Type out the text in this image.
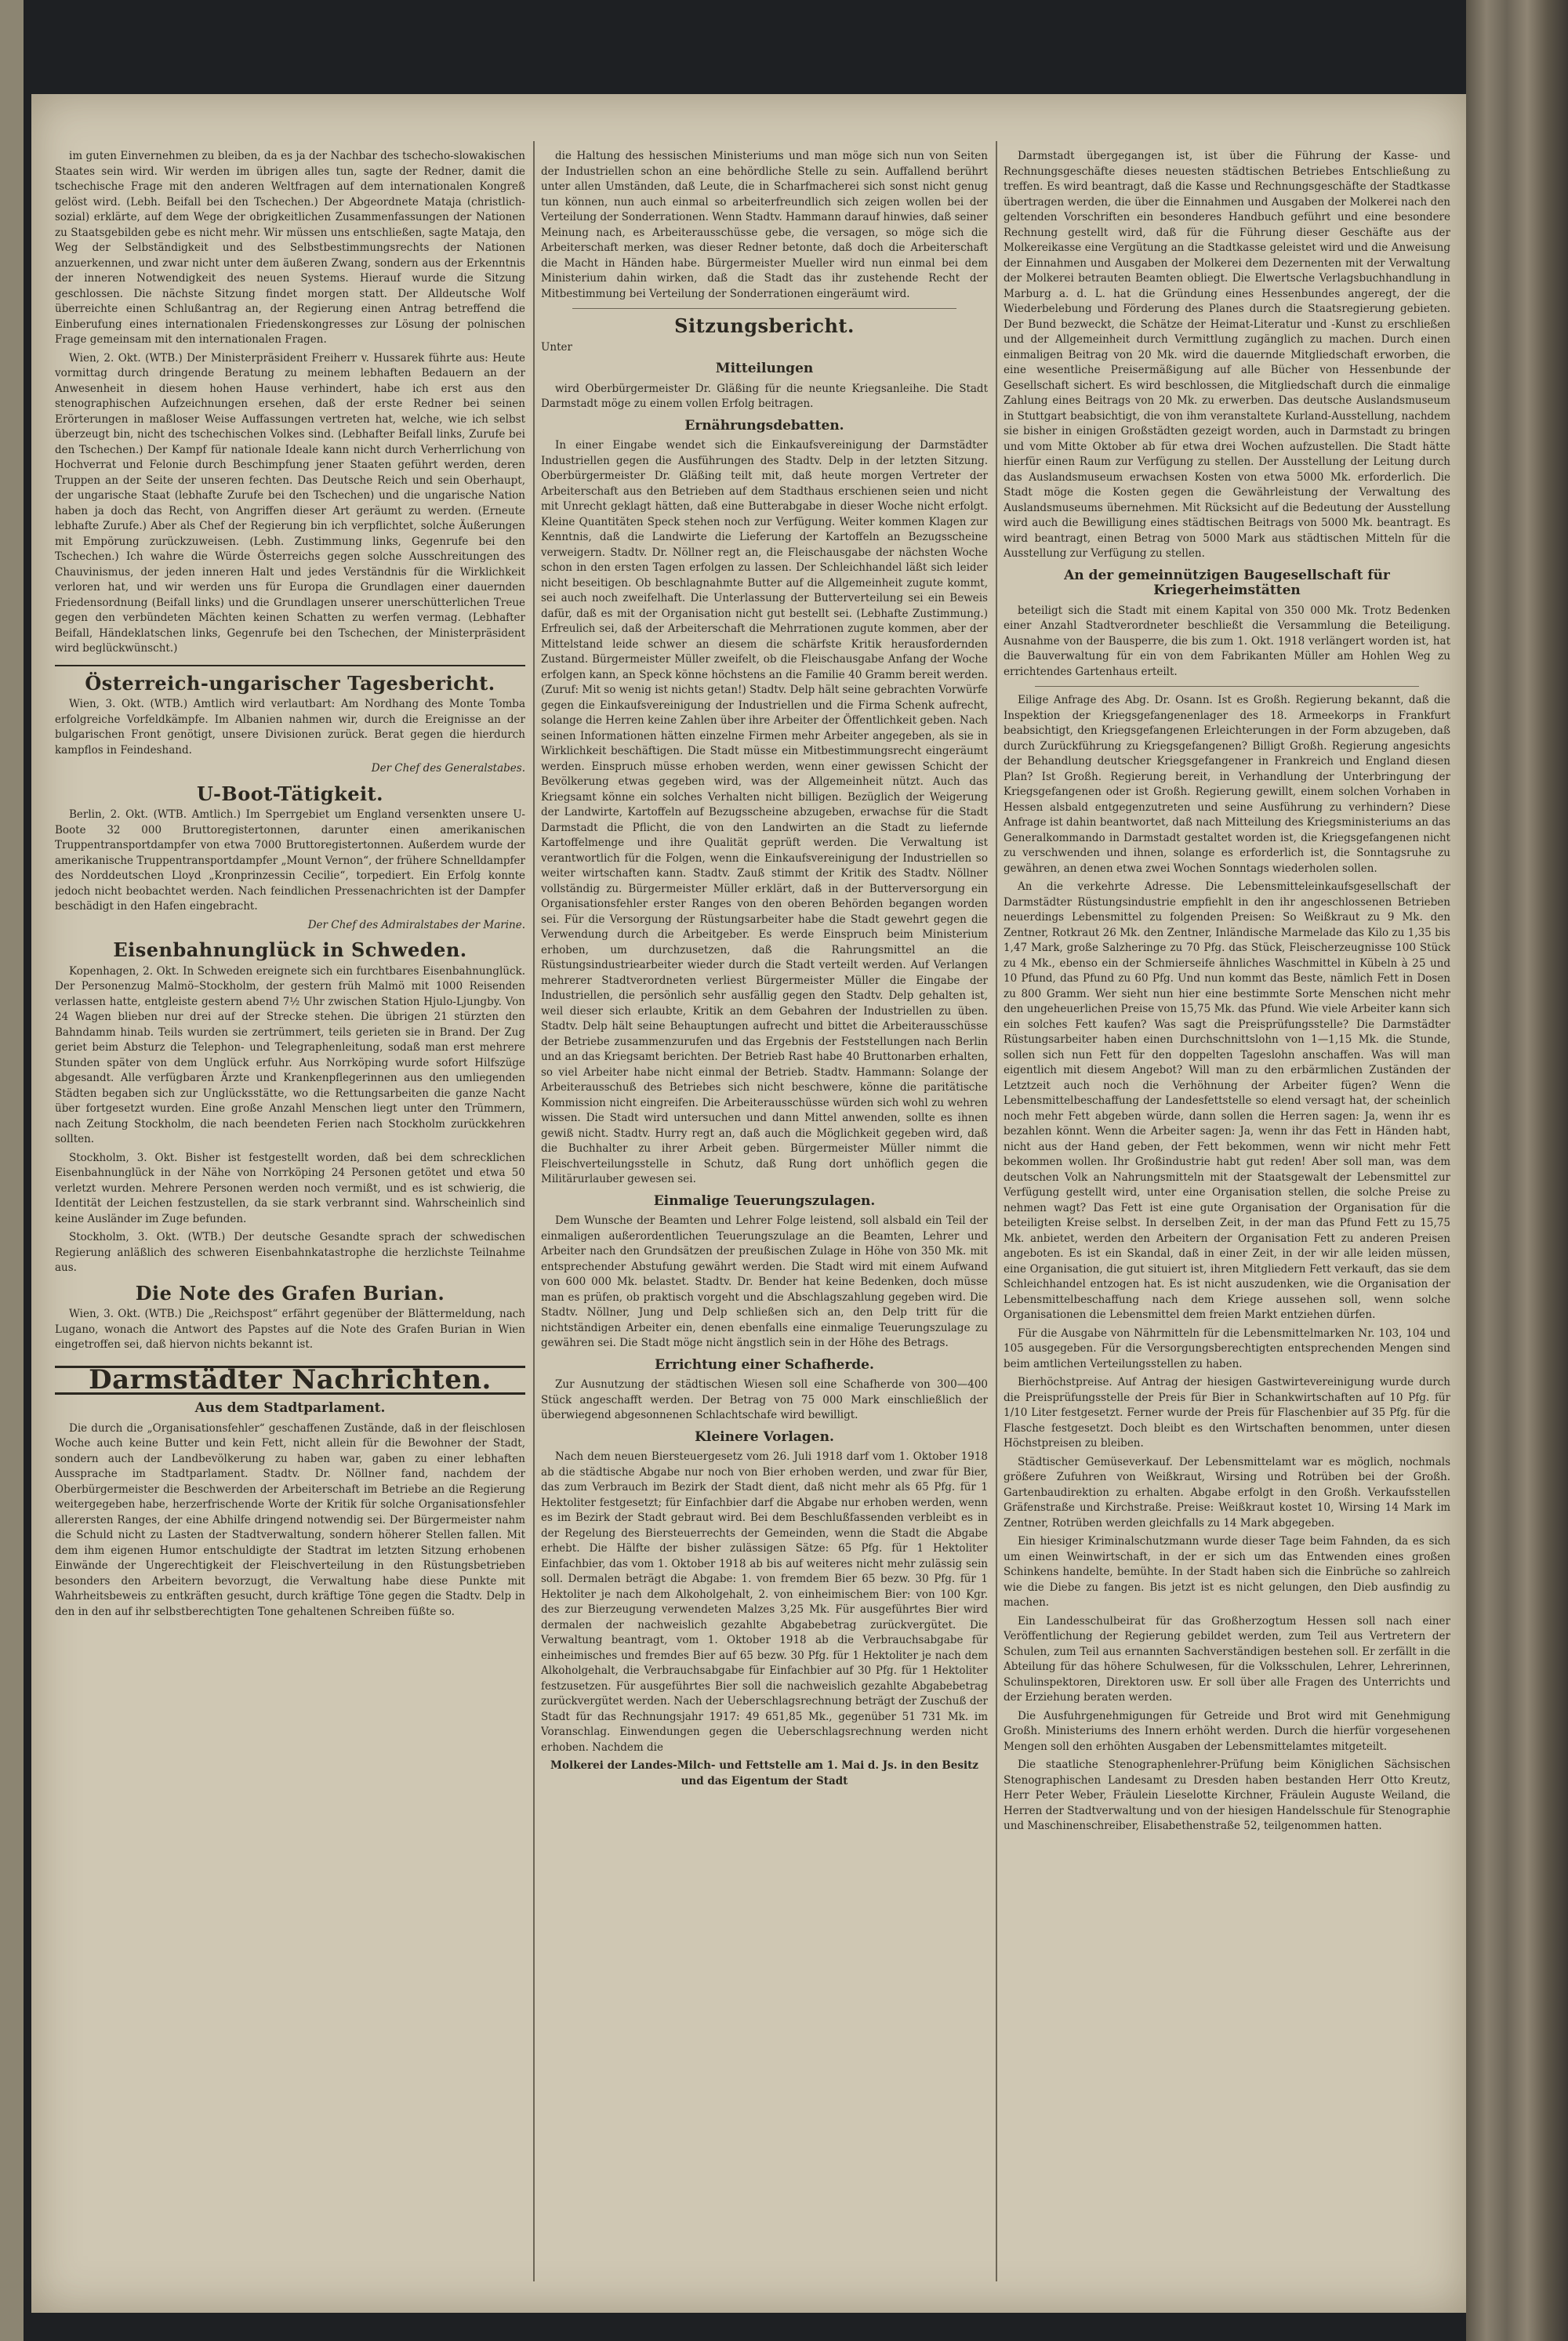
im guten Einvernehmen zu bleiben, da es ja der Nachbar des tschecho-slowakischen Staates sein wird. Wir werden im übrigen alles tun, sagte der Redner, damit die tschechische Frage mit den anderen Weltfragen auf dem internationalen Kongreß gelöst wird. (Lebh. Beifall bei den Tschechen.) Der Abgeordnete Mataja (christlich-sozial) erklärte, auf dem Wege der obrigkeitlichen Zusammenfassungen der Nationen zu Staatsgebilden gebe es nicht mehr. Wir müssen uns entschließen, sagte Mataja, den Weg der Selbständigkeit und des Selbstbestimmungsrechts der Nationen anzuerkennen, und zwar nicht unter dem äußeren Zwang, sondern aus der Erkenntnis der inneren Notwendigkeit des neuen Systems. Hierauf wurde die Sitzung geschlossen. Die nächste Sitzung findet morgen statt. Der Alldeutsche Wolf überreichte einen Schlußantrag an, der Regierung einen Antrag betreffend die Einberufung eines internationalen Friedenskongresses zur Lösung der polnischen Frage gemeinsam mit den internationalen Fragen.

Wien, 2. Okt. (WTB.) Der Ministerpräsident Freiherr v. Hussarek führte aus: Heute vormittag durch dringende Beratung zu meinem lebhaften Bedauern an der Anwesenheit in diesem hohen Hause verhindert, habe ich erst aus den stenographischen Aufzeichnungen ersehen, daß der erste Redner bei seinen Erörterungen in maßloser Weise Auffassungen vertreten hat, welche, wie ich selbst überzeugt bin, nicht des tschechischen Volkes sind. (Lebhafter Beifall links, Zurufe bei den Tschechen.) Der Kampf für nationale Ideale kann nicht durch Verherrlichung von Hochverrat und Felonie durch Beschimpfung jener Staaten geführt werden, deren Truppen an der Seite der unseren fechten. Das Deutsche Reich und sein Oberhaupt, der ungarische Staat (lebhafte Zurufe bei den Tschechen) und die ungarische Nation haben ja doch das Recht, von Angriffen dieser Art geräumt zu werden. (Erneute lebhafte Zurufe.) Aber als Chef der Regierung bin ich verpflichtet, solche Äußerungen mit Empörung zurückzuweisen. (Lebh. Zustimmung links, Gegenrufe bei den Tschechen.) Ich wahre die Würde Österreichs gegen solche Ausschreitungen des Chauvinismus, der jeden inneren Halt und jedes Verständnis für die Wirklichkeit verloren hat, und wir werden uns für Europa die Grundlagen einer dauernden Friedensordnung (Beifall links) und die Grundlagen unserer unerschütterlichen Treue gegen den verbündeten Mächten keinen Schatten zu werfen vermag. (Lebhafter Beifall, Händeklatschen links, Gegenrufe bei den Tschechen, der Ministerpräsident wird beglückwünscht.)

Österreich-ungarischer Tagesbericht.

Wien, 3. Okt. (WTB.) Amtlich wird verlautbart: Am Nordhang des Monte Tomba erfolgreiche Vorfeldkämpfe. Im Albanien nahmen wir, durch die Ereignisse an der bulgarischen Front genötigt, unsere Divisionen zurück. Berat gegen die hierdurch kampflos in Feindeshand.

Der Chef des Generalstabes.
U-Boot-Tätigkeit.

Berlin, 2. Okt. (WTB. Amtlich.) Im Sperrgebiet um England versenkten unsere U-Boote 32 000 Bruttoregistertonnen, darunter einen amerikanischen Truppentransportdampfer von etwa 7000 Bruttoregistertonnen. Außerdem wurde der amerikanische Truppentransportdampfer „Mount Vernon“, der frühere Schnelldampfer des Norddeutschen Lloyd „Kronprinzessin Cecilie“, torpediert. Ein Erfolg konnte jedoch nicht beobachtet werden. Nach feindlichen Pressenachrichten ist der Dampfer beschädigt in den Hafen eingebracht.

Der Chef des Admiralstabes der Marine.
Eisenbahnunglück in Schweden.

Kopenhagen, 2. Okt. In Schweden ereignete sich ein furchtbares Eisenbahnunglück. Der Personenzug Malmö–Stockholm, der gestern früh Malmö mit 1000 Reisenden verlassen hatte, entgleiste gestern abend 7½ Uhr zwischen Station Hjulo-Ljungby. Von 24 Wagen blieben nur drei auf der Strecke stehen. Die übrigen 21 stürzten den Bahndamm hinab. Teils wurden sie zertrümmert, teils gerieten sie in Brand. Der Zug geriet beim Absturz die Telephon- und Telegraphenleitung, sodaß man erst mehrere Stunden später von dem Unglück erfuhr. Aus Norrköping wurde sofort Hilfszüge abgesandt. Alle verfügbaren Ärzte und Krankenpflegerinnen aus den umliegenden Städten begaben sich zur Unglücksstätte, wo die Rettungsarbeiten die ganze Nacht über fortgesetzt wurden. Eine große Anzahl Menschen liegt unter den Trümmern, nach Zeitung Stockholm, die nach beendeten Ferien nach Stockholm zurückkehren sollten.

Stockholm, 3. Okt. Bisher ist festgestellt worden, daß bei dem schrecklichen Eisenbahnunglück in der Nähe von Norrköping 24 Personen getötet und etwa 50 verletzt wurden. Mehrere Personen werden noch vermißt, und es ist schwierig, die Identität der Leichen festzustellen, da sie stark verbrannt sind. Wahrscheinlich sind keine Ausländer im Zuge befunden.

Stockholm, 3. Okt. (WTB.) Der deutsche Gesandte sprach der schwedischen Regierung anläßlich des schweren Eisenbahnkatastrophe die herzlichste Teilnahme aus.

Die Note des Grafen Burian.

Wien, 3. Okt. (WTB.) Die „Reichspost“ erfährt gegenüber der Blättermeldung, nach Lugano, wonach die Antwort des Papstes auf die Note des Grafen Burian in Wien eingetroffen sei, daß hiervon nichts bekannt ist.

Darmstädter Nachrichten.
Aus dem Stadtparlament.

Die durch die „Organisationsfehler“ geschaffenen Zustände, daß in der fleischlosen Woche auch keine Butter und kein Fett, nicht allein für die Bewohner der Stadt, sondern auch der Landbevölkerung zu haben war, gaben zu einer lebhaften Aussprache im Stadtparlament. Stadtv. Dr. Nöllner fand, nachdem der Oberbürgermeister die Beschwerden der Arbeiterschaft im Betriebe an die Regierung weitergegeben habe, herzerfrischende Worte der Kritik für solche Organisationsfehler allerersten Ranges, der eine Abhilfe dringend notwendig sei. Der Bürgermeister nahm die Schuld nicht zu Lasten der Stadtverwaltung, sondern höherer Stellen fallen. Mit dem ihm eigenen Humor entschuldigte der Stadtrat im letzten Sitzung erhobenen Einwände der Ungerechtigkeit der Fleischverteilung in den Rüstungsbetrieben besonders den Arbeitern bevorzugt, die Verwaltung habe diese Punkte mit Wahrheitsbeweis zu entkräften gesucht, durch kräftige Töne gegen die Stadtv. Delp in den in den auf ihr selbstberechtigten Tone gehaltenen Schreiben füßte so.

die Haltung des hessischen Ministeriums und man möge sich nun von Seiten der Industriellen schon an eine behördliche Stelle zu sein. Auffallend berührt unter allen Umständen, daß Leute, die in Scharfmacherei sich sonst nicht genug tun können, nun auch einmal so arbeiterfreundlich sich zeigen wollen bei der Verteilung der Sonderrationen. Wenn Stadtv. Hammann darauf hinwies, daß seiner Meinung nach, es Arbeiterausschüsse gebe, die versagen, so möge sich die Arbeiterschaft merken, was dieser Redner betonte, daß doch die Arbeiterschaft die Macht in Händen habe. Bürgermeister Mueller wird nun einmal bei dem Ministerium dahin wirken, daß die Stadt das ihr zustehende Recht der Mitbestimmung bei Verteilung der Sonderrationen eingeräumt wird.

Sitzungsbericht.
Unter
Mitteilungen

wird Oberbürgermeister Dr. Gläßing für die neunte Kriegsanleihe. Die Stadt Darmstadt möge zu einem vollen Erfolg beitragen.

Ernährungsdebatten.

In einer Eingabe wendet sich die Einkaufsvereinigung der Darmstädter Industriellen gegen die Ausführungen des Stadtv. Delp in der letzten Sitzung. Oberbürgermeister Dr. Gläßing teilt mit, daß heute morgen Vertreter der Arbeiterschaft aus den Betrieben auf dem Stadthaus erschienen seien und nicht mit Unrecht geklagt hätten, daß eine Butterabgabe in dieser Woche nicht erfolgt. Kleine Quantitäten Speck stehen noch zur Verfügung. Weiter kommen Klagen zur Kenntnis, daß die Landwirte die Lieferung der Kartoffeln an Bezugsscheine verweigern. Stadtv. Dr. Nöllner regt an, die Fleischausgabe der nächsten Woche schon in den ersten Tagen erfolgen zu lassen. Der Schleichhandel läßt sich leider nicht beseitigen. Ob beschlagnahmte Butter auf die Allgemeinheit zugute kommt, sei auch noch zweifelhaft. Die Unterlassung der Butterverteilung sei ein Beweis dafür, daß es mit der Organisation nicht gut bestellt sei. (Lebhafte Zustimmung.) Erfreulich sei, daß der Arbeiterschaft die Mehrrationen zugute kommen, aber der Mittelstand leide schwer an diesem die schärfste Kritik herausfordernden Zustand. Bürgermeister Müller zweifelt, ob die Fleischausgabe Anfang der Woche erfolgen kann, an Speck könne höchstens an die Familie 40 Gramm bereit werden. (Zuruf: Mit so wenig ist nichts getan!) Stadtv. Delp hält seine gebrachten Vorwürfe gegen die Einkaufsvereinigung der Industriellen und die Firma Schenk aufrecht, solange die Herren keine Zahlen über ihre Arbeiter der Öffentlichkeit geben. Nach seinen Informationen hätten einzelne Firmen mehr Arbeiter angegeben, als sie in Wirklichkeit beschäftigen. Die Stadt müsse ein Mitbestimmungsrecht eingeräumt werden. Einspruch müsse erhoben werden, wenn einer gewissen Schicht der Bevölkerung etwas gegeben wird, was der Allgemeinheit nützt. Auch das Kriegsamt könne ein solches Verhalten nicht billigen. Bezüglich der Weigerung der Landwirte, Kartoffeln auf Bezugsscheine abzugeben, erwachse für die Stadt Darmstadt die Pflicht, die von den Landwirten an die Stadt zu liefernde Kartoffelmenge und ihre Qualität geprüft werden. Die Verwaltung ist verantwortlich für die Folgen, wenn die Einkaufsvereinigung der Industriellen so weiter wirtschaften kann. Stadtv. Zauß stimmt der Kritik des Stadtv. Nöllner vollständig zu. Bürgermeister Müller erklärt, daß in der Butterversorgung ein Organisationsfehler erster Ranges von den oberen Behörden begangen worden sei. Für die Versorgung der Rüstungsarbeiter habe die Stadt gewehrt gegen die Verwendung durch die Arbeitgeber. Es werde Einspruch beim Ministerium erhoben, um durchzusetzen, daß die Rahrungsmittel an die Rüstungsindustriearbeiter wieder durch die Stadt verteilt werden. Auf Verlangen mehrerer Stadtverordneten verliest Bürgermeister Müller die Eingabe der Industriellen, die persönlich sehr ausfällig gegen den Stadtv. Delp gehalten ist, weil dieser sich erlaubte, Kritik an dem Gebahren der Industriellen zu üben. Stadtv. Delp hält seine Behauptungen aufrecht und bittet die Arbeiterausschüsse der Betriebe zusammenzurufen und das Ergebnis der Feststellungen nach Berlin und an das Kriegsamt berichten. Der Betrieb Rast habe 40 Bruttonarben erhalten, so viel Arbeiter habe nicht einmal der Betrieb. Stadtv. Hammann: Solange der Arbeiterausschuß des Betriebes sich nicht beschwere, könne die paritätische Kommission nicht eingreifen. Die Arbeiterausschüsse würden sich wohl zu wehren wissen. Die Stadt wird untersuchen und dann Mittel anwenden, sollte es ihnen gewiß nicht. Stadtv. Hurry regt an, daß auch die Möglichkeit gegeben wird, daß die Buchhalter zu ihrer Arbeit geben. Bürgermeister Müller nimmt die Fleischverteilungsstelle in Schutz, daß Rung dort unhöflich gegen die Militärurlauber gewesen sei.

Einmalige Teuerungszulagen.

Dem Wunsche der Beamten und Lehrer Folge leistend, soll alsbald ein Teil der einmaligen außerordentlichen Teuerungszulage an die Beamten, Lehrer und Arbeiter nach den Grundsätzen der preußischen Zulage in Höhe von 350 Mk. mit entsprechender Abstufung gewährt werden. Die Stadt wird mit einem Aufwand von 600 000 Mk. belastet. Stadtv. Dr. Bender hat keine Bedenken, doch müsse man es prüfen, ob praktisch vorgeht und die Abschlagszahlung gegeben wird. Die Stadtv. Nöllner, Jung und Delp schließen sich an, den Delp tritt für die nichtständigen Arbeiter ein, denen ebenfalls eine einmalige Teuerungszulage zu gewähren sei. Die Stadt möge nicht ängstlich sein in der Höhe des Betrags.

Errichtung einer Schafherde.

Zur Ausnutzung der städtischen Wiesen soll eine Schafherde von 300—400 Stück angeschafft werden. Der Betrag von 75 000 Mark einschließlich der überwiegend abgesonnenen Schlachtschafe wird bewilligt.

Kleinere Vorlagen.

Nach dem neuen Biersteuergesetz vom 26. Juli 1918 darf vom 1. Oktober 1918 ab die städtische Abgabe nur noch von Bier erhoben werden, und zwar für Bier, das zum Verbrauch im Bezirk der Stadt dient, daß nicht mehr als 65 Pfg. für 1 Hektoliter festgesetzt; für Einfachbier darf die Abgabe nur erhoben werden, wenn es im Bezirk der Stadt gebraut wird. Bei dem Beschlußfassenden verbleibt es in der Regelung des Biersteuerrechts der Gemeinden, wenn die Stadt die Abgabe erhebt. Die Hälfte der bisher zulässigen Sätze: 65 Pfg. für 1 Hektoliter Einfachbier, das vom 1. Oktober 1918 ab bis auf weiteres nicht mehr zulässig sein soll. Dermalen beträgt die Abgabe: 1. von fremdem Bier 65 bezw. 30 Pfg. für 1 Hektoliter je nach dem Alkoholgehalt, 2. von einheimischem Bier: von 100 Kgr. des zur Bierzeugung verwendeten Malzes 3,25 Mk. Für ausgeführtes Bier wird dermalen der nachweislich gezahlte Abgabebetrag zurückvergütet. Die Verwaltung beantragt, vom 1. Oktober 1918 ab die Verbrauchsabgabe für einheimisches und fremdes Bier auf 65 bezw. 30 Pfg. für 1 Hektoliter je nach dem Alkoholgehalt, die Verbrauchsabgabe für Einfachbier auf 30 Pfg. für 1 Hektoliter festzusetzen. Für ausgeführtes Bier soll die nachweislich gezahlte Abgabebetrag zurückvergütet werden. Nach der Ueberschlagsrechnung beträgt der Zuschuß der Stadt für das Rechnungsjahr 1917: 49 651,85 Mk., gegenüber 51 731 Mk. im Voranschlag. Einwendungen gegen die Ueberschlagsrechnung werden nicht erhoben. Nachdem die

Molkerei der Landes-Milch- und Fettstelle am 1. Mai d. Js. in den Besitz und das Eigentum der Stadt

Darmstadt übergegangen ist, ist über die Führung der Kasse- und Rechnungsgeschäfte dieses neuesten städtischen Betriebes Entschließung zu treffen. Es wird beantragt, daß die Kasse und Rechnungsgeschäfte der Stadtkasse übertragen werden, die über die Einnahmen und Ausgaben der Molkerei nach den geltenden Vorschriften ein besonderes Handbuch geführt und eine besondere Rechnung gestellt wird, daß für die Führung dieser Geschäfte aus der Molkereikasse eine Vergütung an die Stadtkasse geleistet wird und die Anweisung der Einnahmen und Ausgaben der Molkerei dem Dezernenten mit der Verwaltung der Molkerei betrauten Beamten obliegt. Die Elwertsche Verlagsbuchhandlung in Marburg a. d. L. hat die Gründung eines Hessenbundes angeregt, der die Wiederbelebung und Förderung des Planes durch die Staatsregierung gebieten. Der Bund bezweckt, die Schätze der Heimat-Literatur und -Kunst zu erschließen und der Allgemeinheit durch Vermittlung zugänglich zu machen. Durch einen einmaligen Beitrag von 20 Mk. wird die dauernde Mitgliedschaft erworben, die eine wesentliche Preisermäßigung auf alle Bücher von Hessenbunde der Gesellschaft sichert. Es wird beschlossen, die Mitgliedschaft durch die einmalige Zahlung eines Beitrags von 20 Mk. zu erwerben. Das deutsche Auslandsmuseum in Stuttgart beabsichtigt, die von ihm veranstaltete Kurland-Ausstellung, nachdem sie bisher in einigen Großstädten gezeigt worden, auch in Darmstadt zu bringen und vom Mitte Oktober ab für etwa drei Wochen aufzustellen. Die Stadt hätte hierfür einen Raum zur Verfügung zu stellen. Der Ausstellung der Leitung durch das Auslandsmuseum erwachsen Kosten von etwa 5000 Mk. erforderlich. Die Stadt möge die Kosten gegen die Gewährleistung der Verwaltung des Auslandsmuseums übernehmen. Mit Rücksicht auf die Bedeutung der Ausstellung wird auch die Bewilligung eines städtischen Beitrags von 5000 Mk. beantragt. Es wird beantragt, einen Betrag von 5000 Mark aus städtischen Mitteln für die Ausstellung zur Verfügung zu stellen.

An der gemeinnützigen Baugesellschaft für Kriegerheimstätten

beteiligt sich die Stadt mit einem Kapital von 350 000 Mk. Trotz Bedenken einer Anzahl Stadtverordneter beschließt die Versammlung die Beteiligung. Ausnahme von der Bausperre, die bis zum 1. Okt. 1918 verlängert worden ist, hat die Bauverwaltung für ein von dem Fabrikanten Müller am Hohlen Weg zu errichtendes Gartenhaus erteilt.

Eilige Anfrage des Abg. Dr. Osann. Ist es Großh. Regierung bekannt, daß die Inspektion der Kriegsgefangenenlager des 18. Armeekorps in Frankfurt beabsichtigt, den Kriegsgefangenen Erleichterungen in der Form abzugeben, daß durch Zurückführung zu Kriegsgefangenen? Billigt Großh. Regierung angesichts der Behandlung deutscher Kriegsgefangener in Frankreich und England diesen Plan? Ist Großh. Regierung bereit, in Verhandlung der Unterbringung der Kriegsgefangenen oder ist Großh. Regierung gewillt, einem solchen Vorhaben in Hessen alsbald entgegenzutreten und seine Ausführung zu verhindern? Diese Anfrage ist dahin beantwortet, daß nach Mitteilung des Kriegsministeriums an das Generalkommando in Darmstadt gestaltet worden ist, die Kriegsgefangenen nicht zu verschwenden und ihnen, solange es erforderlich ist, die Sonntagsruhe zu gewähren, an denen etwa zwei Wochen Sonntags wiederholen sollen.

An die verkehrte Adresse. Die Lebensmitteleinkaufsgesellschaft der Darmstädter Rüstungsindustrie empfiehlt in den ihr angeschlossenen Betrieben neuerdings Lebensmittel zu folgenden Preisen: So Weißkraut zu 9 Mk. den Zentner, Rotkraut 26 Mk. den Zentner, Inländische Marmelade das Kilo zu 1,35 bis 1,47 Mark, große Salzheringe zu 70 Pfg. das Stück, Fleischerzeugnisse 100 Stück zu 4 Mk., ebenso ein der Schmierseife ähnliches Waschmittel in Kübeln à 25 und 10 Pfund, das Pfund zu 60 Pfg. Und nun kommt das Beste, nämlich Fett in Dosen zu 800 Gramm. Wer sieht nun hier eine bestimmte Sorte Menschen nicht mehr den ungeheuerlichen Preise von 15,75 Mk. das Pfund. Wie viele Arbeiter kann sich ein solches Fett kaufen? Was sagt die Preisprüfungsstelle? Die Darmstädter Rüstungsarbeiter haben einen Durchschnittslohn von 1—1,15 Mk. die Stunde, sollen sich nun Fett für den doppelten Tageslohn anschaffen. Was will man eigentlich mit diesem Angebot? Will man zu den erbärmlichen Zuständen der Letztzeit auch noch die Verhöhnung der Arbeiter fügen? Wenn die Lebensmittelbeschaffung der Landesfettstelle so elend versagt hat, der scheinlich noch mehr Fett abgeben würde, dann sollen die Herren sagen: Ja, wenn ihr es bezahlen könnt. Wenn die Arbeiter sagen: Ja, wenn ihr das Fett in Händen habt, nicht aus der Hand geben, der Fett bekommen, wenn wir nicht mehr Fett bekommen wollen. Ihr Großindustrie habt gut reden! Aber soll man, was dem deutschen Volk an Nahrungsmitteln mit der Staatsgewalt der Lebensmittel zur Verfügung gestellt wird, unter eine Organisation stellen, die solche Preise zu nehmen wagt? Das Fett ist eine gute Organisation der Organisation für die beteiligten Kreise selbst. In derselben Zeit, in der man das Pfund Fett zu 15,75 Mk. anbietet, werden den Arbeitern der Organisation Fett zu anderen Preisen angeboten. Es ist ein Skandal, daß in einer Zeit, in der wir alle leiden müssen, eine Organisation, die gut situiert ist, ihren Mitgliedern Fett verkauft, das sie dem Schleichhandel entzogen hat. Es ist nicht auszudenken, wie die Organisation der Lebensmittelbeschaffung nach dem Kriege aussehen soll, wenn solche Organisationen die Lebensmittel dem freien Markt entziehen dürfen.

Für die Ausgabe von Nährmitteln für die Lebensmittelmarken Nr. 103, 104 und 105 ausgegeben. Für die Versorgungsberechtigten entsprechenden Mengen sind beim amtlichen Verteilungsstellen zu haben.

Bierhöchstpreise. Auf Antrag der hiesigen Gastwirtevereinigung wurde durch die Preisprüfungsstelle der Preis für Bier in Schankwirtschaften auf 10 Pfg. für 1/10 Liter festgesetzt. Ferner wurde der Preis für Flaschenbier auf 35 Pfg. für die Flasche festgesetzt. Doch bleibt es den Wirtschaften benommen, unter diesen Höchstpreisen zu bleiben.

Städtischer Gemüseverkauf. Der Lebensmittelamt war es möglich, nochmals größere Zufuhren von Weißkraut, Wirsing und Rotrüben bei der Großh. Gartenbaudirektion zu erhalten. Abgabe erfolgt in den Großh. Verkaufsstellen Gräfenstraße und Kirchstraße. Preise: Weißkraut kostet 10, Wirsing 14 Mark im Zentner, Rotrüben werden gleichfalls zu 14 Mark abgegeben.

Ein hiesiger Kriminalschutzmann wurde dieser Tage beim Fahnden, da es sich um einen Weinwirtschaft, in der er sich um das Entwenden eines großen Schinkens handelte, bemühte. In der Stadt haben sich die Einbrüche so zahlreich wie die Diebe zu fangen. Bis jetzt ist es nicht gelungen, den Dieb ausfindig zu machen.

Ein Landesschulbeirat für das Großherzogtum Hessen soll nach einer Veröffentlichung der Regierung gebildet werden, zum Teil aus Vertretern der Schulen, zum Teil aus ernannten Sachverständigen bestehen soll. Er zerfällt in die Abteilung für das höhere Schulwesen, für die Volksschulen, Lehrer, Lehrerinnen, Schulinspektoren, Direktoren usw. Er soll über alle Fragen des Unterrichts und der Erziehung beraten werden.

Die Ausfuhrgenehmigungen für Getreide und Brot wird mit Genehmigung Großh. Ministeriums des Innern erhöht werden. Durch die hierfür vorgesehenen Mengen soll den erhöhten Ausgaben der Lebensmittelamtes mitgeteilt.

Die staatliche Stenographenlehrer-Prüfung beim Königlichen Sächsischen Stenographischen Landesamt zu Dresden haben bestanden Herr Otto Kreutz, Herr Peter Weber, Fräulein Lieselotte Kirchner, Fräulein Auguste Weiland, die Herren der Stadtverwaltung und von der hiesigen Handelsschule für Stenographie und Maschinenschreiber, Elisabethenstraße 52, teilgenommen hatten.
